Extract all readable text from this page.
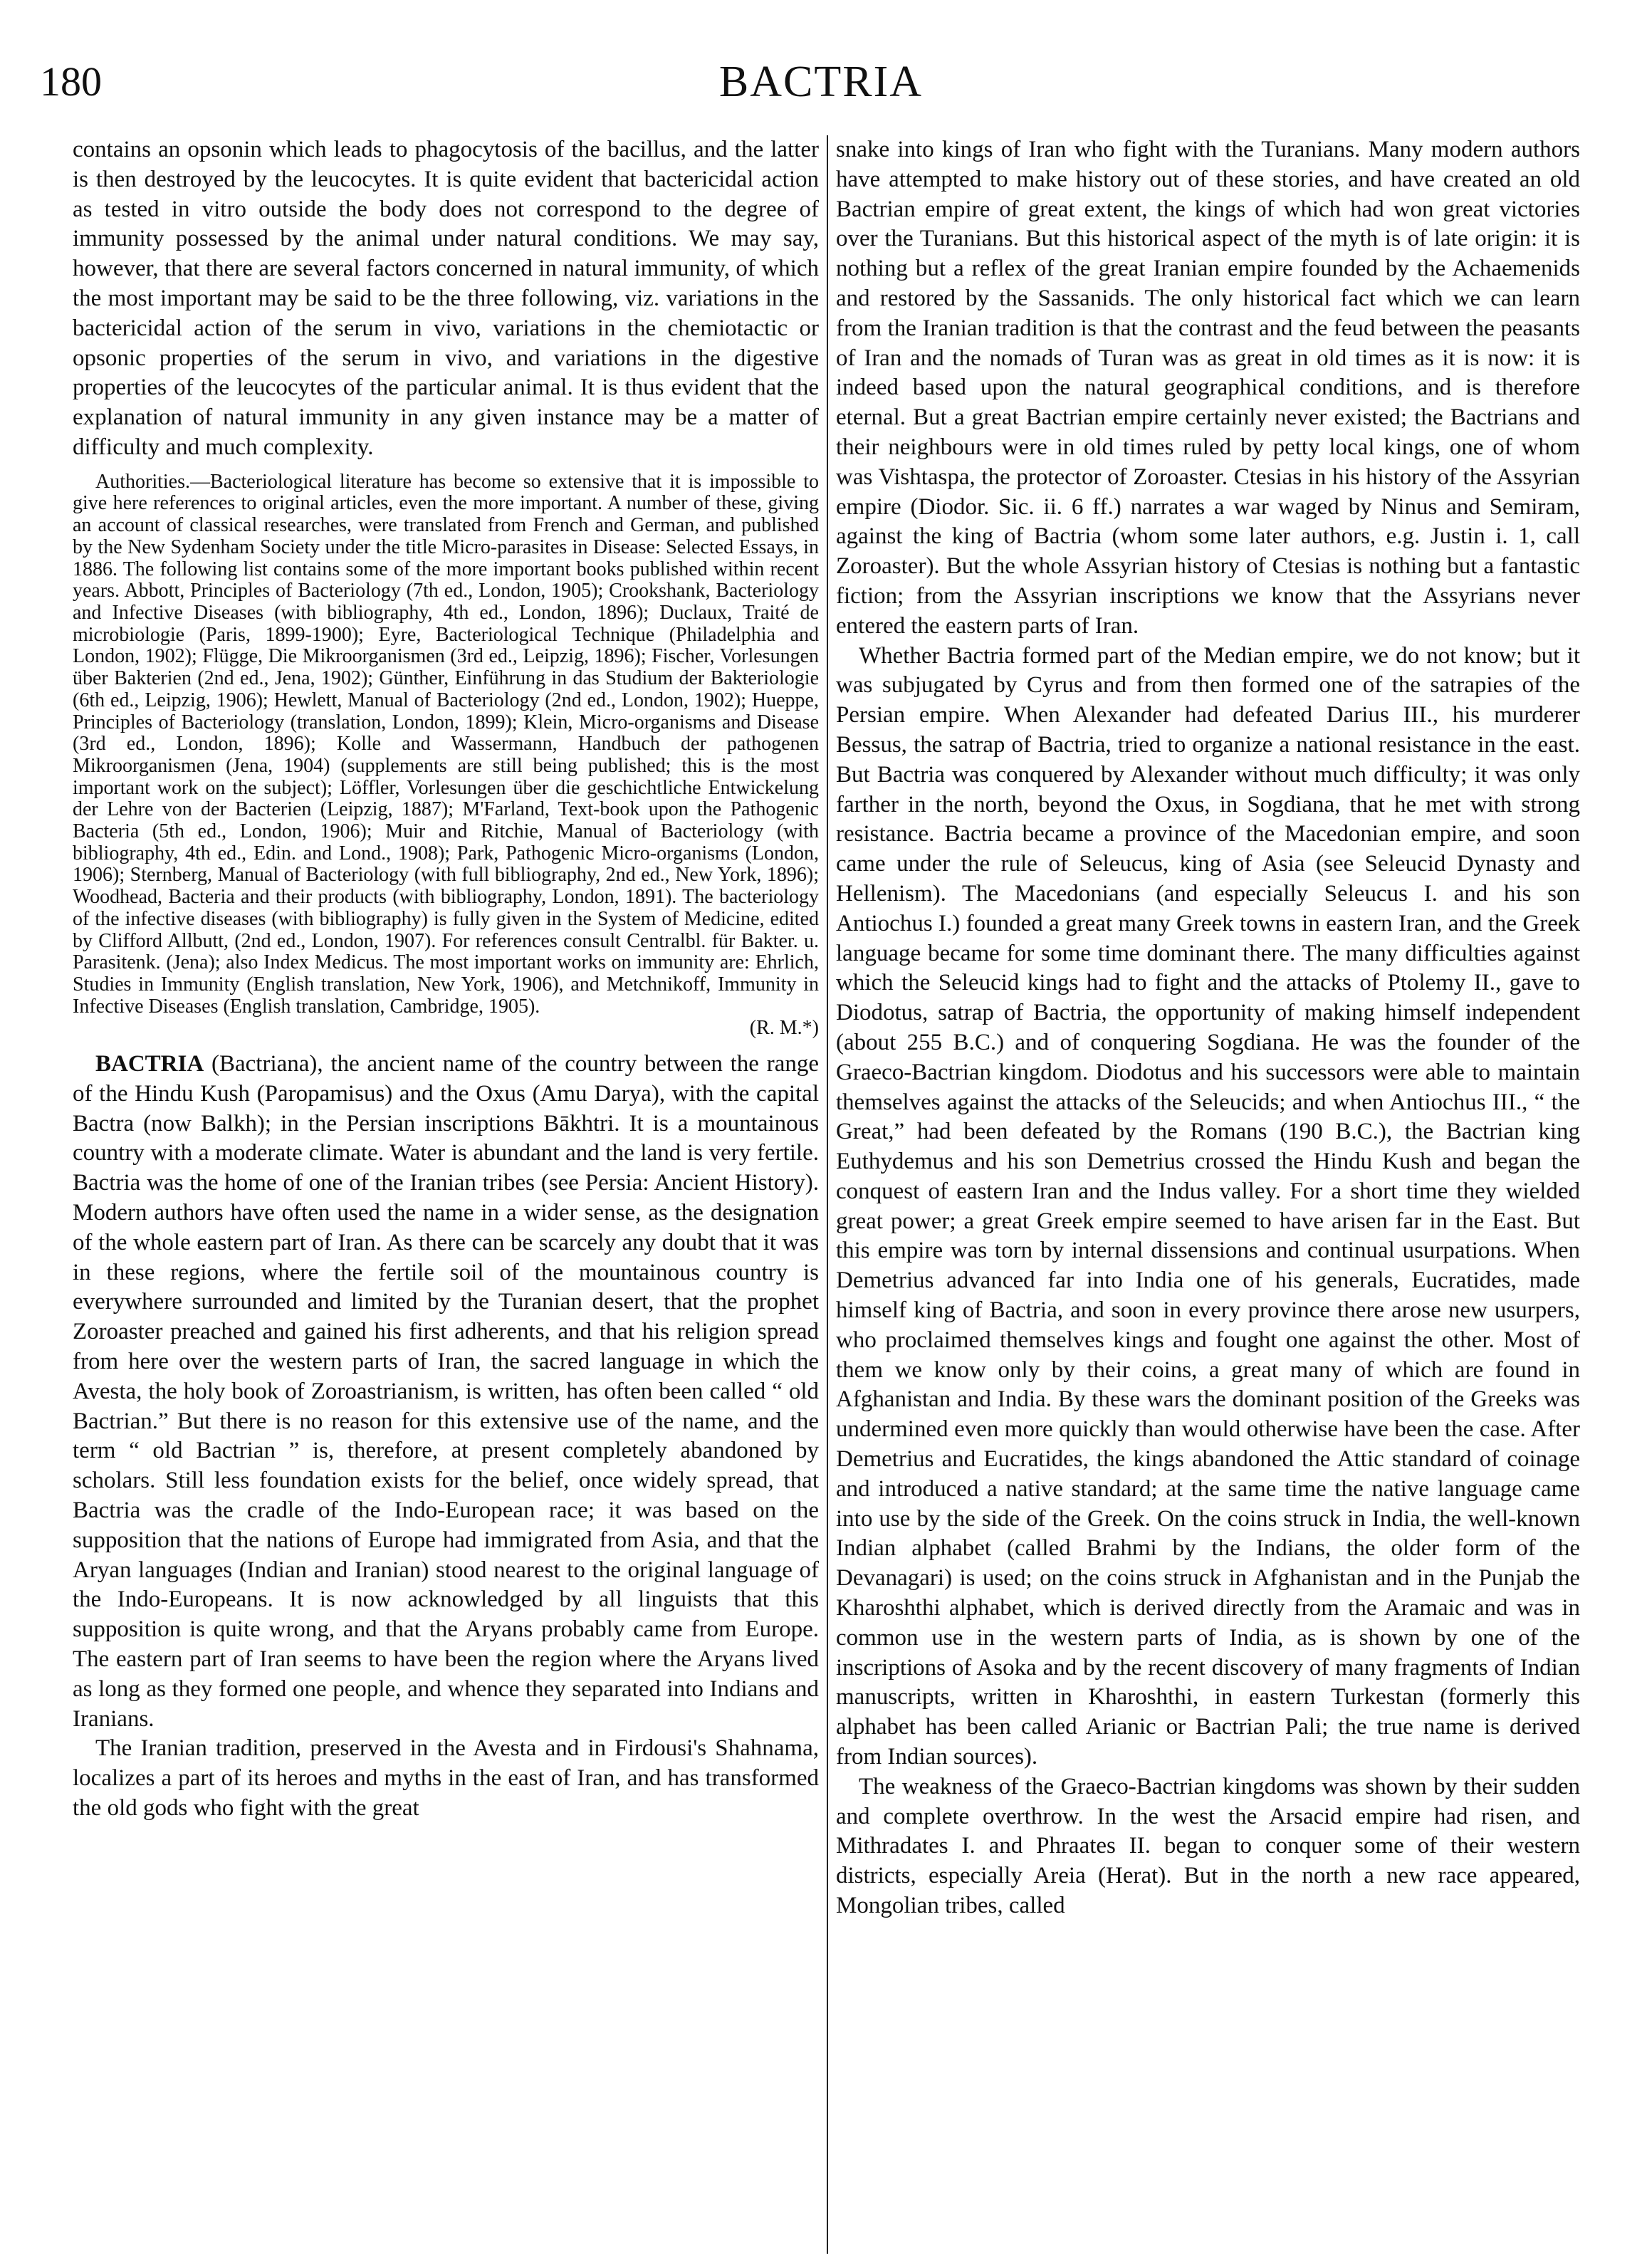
180	BACTRIA

contains an opsonin which leads to phagocytosis of the bacillus, and the latter is then destroyed by the leucocytes. It is quite evident that bactericidal action as tested in vitro outside the body does not correspond to the degree of immunity possessed by the animal under natural conditions. We may say, however, that there are several factors concerned in natural immunity, of which the most important may be said to be the three following, viz. variations in the bactericidal action of the serum in vivo, variations in the chemiotactic or opsonic properties of the serum in vivo, and variations in the digestive properties of the leucocytes of the particular animal. It is thus evident that the explanation of natural immunity in any given instance may be a matter of difficulty and much complexity.

Authorities.—Bacteriological literature has become so extensive that it is impossible to give here references to original articles, even the more important. A number of these, giving an account of classical researches, were translated from French and German, and published by the New Sydenham Society under the title Micro-parasites in Disease: Selected Essays, in 1886. The following list contains some of the more important books published within recent years. Abbott, Principles of Bacteriology (7th ed., London, 1905); Crookshank, Bacteriology and Infective Diseases (with bibliography, 4th ed., London, 1896); Duclaux, Traité de microbiologie (Paris, 1899-1900); Eyre, Bacteriological Technique (Philadelphia and London, 1902); Flügge, Die Mikroorganismen (3rd ed., Leipzig, 1896); Fischer, Vorlesungen über Bakterien (2nd ed., Jena, 1902); Günther, Einführung in das Studium der Bakteriologie (6th ed., Leipzig, 1906); Hewlett, Manual of Bacteriology (2nd ed., London, 1902); Hueppe, Principles of Bacteriology (translation, London, 1899); Klein, Micro-organisms and Disease (3rd ed., London, 1896); Kolle and Wassermann, Handbuch der pathogenen Mikroorganismen (Jena, 1904) (supplements are still being published; this is the most important work on the subject); Löffler, Vorlesungen über die geschichtliche Entwickelung der Lehre von der Bacterien (Leipzig, 1887); M'Farland, Text-book upon the Pathogenic Bacteria (5th ed., London, 1906); Muir and Ritchie, Manual of Bacteriology (with bibliography, 4th ed., Edin. and Lond., 1908); Park, Pathogenic Micro-organisms (London, 1906); Sternberg, Manual of Bacteriology (with full bibliography, 2nd ed., New York, 1896); Woodhead, Bacteria and their products (with bibliography, London, 1891). The bacteriology of the infective diseases (with bibliography) is fully given in the System of Medicine, edited by Clifford Allbutt, (2nd ed., London, 1907). For references consult Centralbl. für Bakter. u. Parasitenk. (Jena); also Index Medicus. The most important works on immunity are: Ehrlich, Studies in Immunity (English translation, New York, 1906), and Metchnikoff, Immunity in Infective Diseases (English translation, Cambridge, 1905).
(R. M.*)

BACTRIA (Bactriana), the ancient name of the country between the range of the Hindu Kush (Paropamisus) and the Oxus (Amu Darya), with the capital Bactra (now Balkh); in the Persian inscriptions Bākhtri. It is a mountainous country with a moderate climate. Water is abundant and the land is very fertile. Bactria was the home of one of the Iranian tribes (see Persia: Ancient History). Modern authors have often used the name in a wider sense, as the designation of the whole eastern part of Iran. As there can be scarcely any doubt that it was in these regions, where the fertile soil of the mountainous country is everywhere surrounded and limited by the Turanian desert, that the prophet Zoroaster preached and gained his first adherents, and that his religion spread from here over the western parts of Iran, the sacred language in which the Avesta, the holy book of Zoroastrianism, is written, has often been called “ old Bactrian.” But there is no reason for this extensive use of the name, and the term “ old Bactrian ” is, therefore, at present completely abandoned by scholars. Still less foundation exists for the belief, once widely spread, that Bactria was the cradle of the Indo-European race; it was based on the supposition that the nations of Europe had immigrated from Asia, and that the Aryan languages (Indian and Iranian) stood nearest to the original language of the Indo-Europeans. It is now acknowledged by all linguists that this supposition is quite wrong, and that the Aryans probably came from Europe. The eastern part of Iran seems to have been the region where the Aryans lived as long as they formed one people, and whence they separated into Indians and Iranians.

The Iranian tradition, preserved in the Avesta and in Firdousi's Shahnama, localizes a part of its heroes and myths in the east of Iran, and has transformed the old gods who fight with the great

snake into kings of Iran who fight with the Turanians. Many modern authors have attempted to make history out of these stories, and have created an old Bactrian empire of great extent, the kings of which had won great victories over the Turanians. But this historical aspect of the myth is of late origin: it is nothing but a reflex of the great Iranian empire founded by the Achaemenids and restored by the Sassanids. The only historical fact which we can learn from the Iranian tradition is that the contrast and the feud between the peasants of Iran and the nomads of Turan was as great in old times as it is now: it is indeed based upon the natural geographical conditions, and is therefore eternal. But a great Bactrian empire certainly never existed; the Bactrians and their neighbours were in old times ruled by petty local kings, one of whom was Vishtaspa, the protector of Zoroaster. Ctesias in his history of the Assyrian empire (Diodor. Sic. ii. 6 ff.) narrates a war waged by Ninus and Semiram, against the king of Bactria (whom some later authors, e.g. Justin i. 1, call Zoroaster). But the whole Assyrian history of Ctesias is nothing but a fantastic fiction; from the Assyrian inscriptions we know that the Assyrians never entered the eastern parts of Iran.

Whether Bactria formed part of the Median empire, we do not know; but it was subjugated by Cyrus and from then formed one of the satrapies of the Persian empire. When Alexander had defeated Darius III., his murderer Bessus, the satrap of Bactria, tried to organize a national resistance in the east. But Bactria was conquered by Alexander without much difficulty; it was only farther in the north, beyond the Oxus, in Sogdiana, that he met with strong resistance. Bactria became a province of the Macedonian empire, and soon came under the rule of Seleucus, king of Asia (see Seleucid Dynasty and Hellenism). The Macedonians (and especially Seleucus I. and his son Antiochus I.) founded a great many Greek towns in eastern Iran, and the Greek language became for some time dominant there. The many difficulties against which the Seleucid kings had to fight and the attacks of Ptolemy II., gave to Diodotus, satrap of Bactria, the opportunity of making himself independent (about 255 B.C.) and of conquering Sogdiana. He was the founder of the Graeco-Bactrian kingdom. Diodotus and his successors were able to maintain themselves against the attacks of the Seleucids; and when Antiochus III., “ the Great,” had been defeated by the Romans (190 B.C.), the Bactrian king Euthydemus and his son Demetrius crossed the Hindu Kush and began the conquest of eastern Iran and the Indus valley. For a short time they wielded great power; a great Greek empire seemed to have arisen far in the East. But this empire was torn by internal dissensions and continual usurpations. When Demetrius advanced far into India one of his generals, Eucratides, made himself king of Bactria, and soon in every province there arose new usurpers, who proclaimed themselves kings and fought one against the other. Most of them we know only by their coins, a great many of which are found in Afghanistan and India. By these wars the dominant position of the Greeks was undermined even more quickly than would otherwise have been the case. After Demetrius and Eucratides, the kings abandoned the Attic standard of coinage and introduced a native standard; at the same time the native language came into use by the side of the Greek. On the coins struck in India, the well-known Indian alphabet (called Brahmi by the Indians, the older form of the Devanagari) is used; on the coins struck in Afghanistan and in the Punjab the Kharoshthi alphabet, which is derived directly from the Aramaic and was in common use in the western parts of India, as is shown by one of the inscriptions of Asoka and by the recent discovery of many fragments of Indian manuscripts, written in Kharoshthi, in eastern Turkestan (formerly this alphabet has been called Arianic or Bactrian Pali; the true name is derived from Indian sources).

The weakness of the Graeco-Bactrian kingdoms was shown by their sudden and complete overthrow. In the west the Arsacid empire had risen, and Mithradates I. and Phraates II. began to conquer some of their western districts, especially Areia (Herat). But in the north a new race appeared, Mongolian tribes, called
